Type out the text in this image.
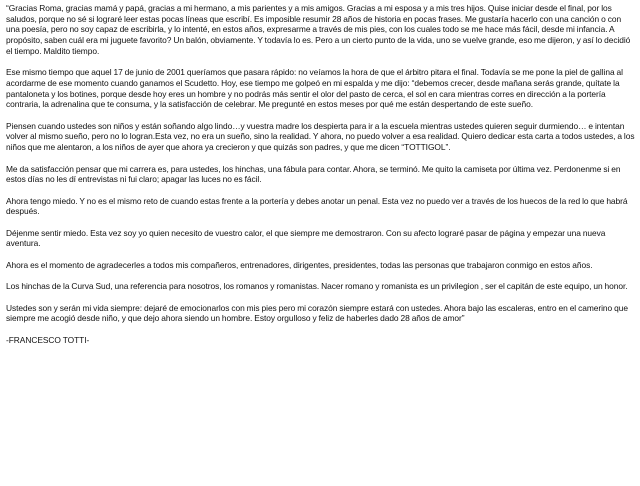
“Gracias Roma, gracias mamá y papá, gracias a mi hermano, a mis parientes y a mis amigos. Gracias a mi esposa y a mis tres hijos. Quise iniciar desde el final, por los saludos, porque no sé si lograré leer estas pocas líneas que escribí. Es imposible resumir 28 años de historia en pocas frases. Me gustaría hacerlo con una canción o con una poesía, pero no soy capaz de escribirla, y lo intenté, en estos años, expresarme a través de mis pies, con los cuales todo se me hace más fácil, desde mi infancia. A propósito, saben cuál era mi juguete favorito? Un balón, obviamente. Y todavía lo es. Pero a un cierto punto de la vida, uno se vuelve grande, eso me dijeron, y así lo decidió el tiempo. Maldito tiempo.

Ese mismo tiempo que aquel 17 de junio de 2001 queríamos que pasara rápido: no veíamos la hora de que el árbitro pitara el final. Todavía se me pone la piel de gallina al acordarme de ese momento cuando ganamos el Scudetto. Hoy, ese tiempo me golpeó en mi espalda y me dijo: “debemos crecer, desde mañana serás grande, quítate la pantaloneta y los botines, porque desde hoy eres un hombre y no podrás más sentir el olor del pasto de cerca, el sol en cara mientras corres en dirección a la portería contraria, la adrenalina que te consuma, y la satisfacción de celebrar. Me pregunté en estos meses por qué me están despertando de este sueño.

Piensen cuando ustedes son niños y están soñando algo lindo…y vuestra madre los despierta para ir a la escuela mientras ustedes quieren seguir durmiendo… e intentan volver al mismo sueño, pero no lo logran.Esta vez, no era un sueño, sino la realidad. Y ahora, no puedo volver a esa realidad. Quiero dedicar esta carta a todos ustedes, a los niños que me alentaron, a los niños de ayer que ahora ya crecieron y que quizás son padres, y que me dicen “TOTTIGOL”.

Me da satisfacción pensar que mi carrera es, para ustedes, los hinchas, una fábula para contar. Ahora, se terminó. Me quito la camiseta por última vez. Perdonenme si en estos días no les dí entrevistas ni fui claro; apagar las luces no es fácil.

Ahora tengo miedo. Y no es el mismo reto de cuando estas frente a la portería y debes anotar un penal. Esta vez no puedo ver a través de los huecos de la red lo que habrá después.

Déjenme sentir miedo. Esta vez soy yo quien necesito de vuestro calor, el que siempre me demostraron. Con su afecto lograré pasar de página y empezar una nueva aventura.

Ahora es el momento de agradecerles a todos mis compañeros, entrenadores, dirigentes, presidentes, todas las personas que trabajaron conmigo en estos años.

Los hinchas de la Curva Sud, una referencia para nosotros, los romanos y romanistas. Nacer romano y romanista es un privilegion , ser el capitán de este equipo, un honor.

Ustedes son y serán mi vida siempre: dejaré de emocionarlos con mis pies pero mi corazón siempre estará con ustedes. Ahora bajo las escaleras, entro en el camerino que siempre me acogió desde niño, y que dejo ahora siendo un hombre. Estoy orgulloso y feliz de haberles dado 28 años de amor”

-FRANCESCO TOTTI-
